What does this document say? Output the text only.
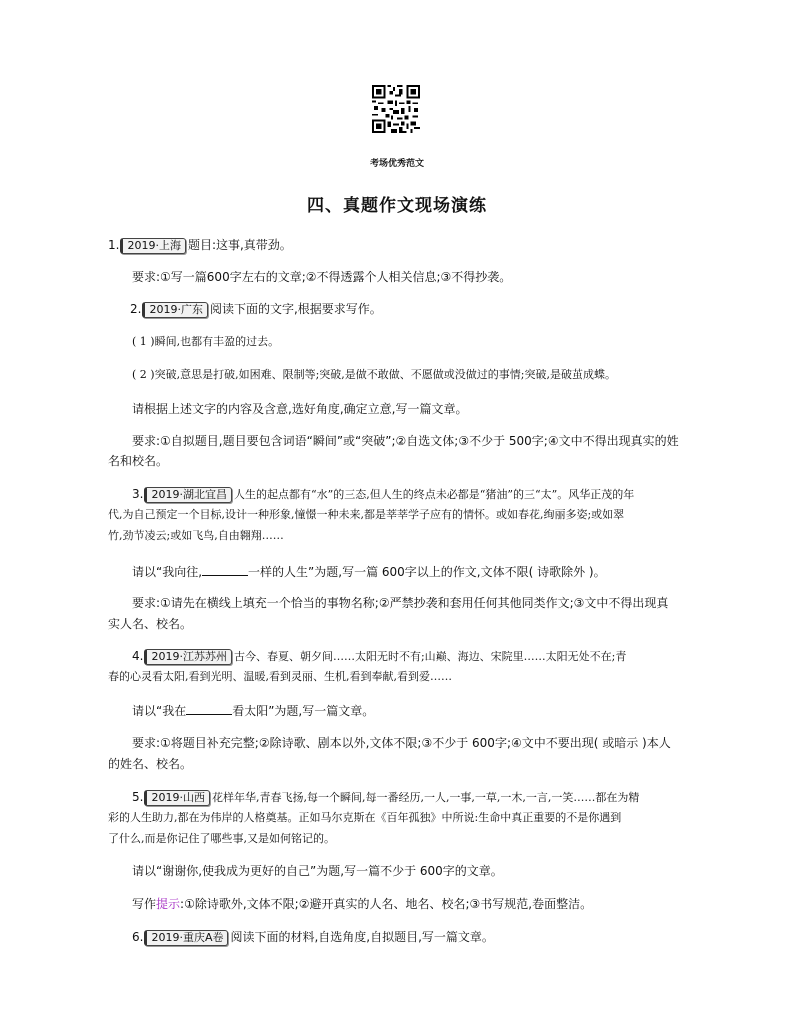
考场优秀范文
四、真题作文现场演练
1. 2019·上海 题目:这事,真带劲。
要求:①写一篇600字左右的文章;②不得透露个人相关信息;③不得抄袭。
2. 2019·广东 阅读下面的文字,根据要求写作。
( 1 )瞬间,也都有丰盈的过去。
( 2 )突破,意思是打破,如困难、限制等;突破,是做不敢做、不愿做或没做过的事情;突破,是破茧成蝶。
请根据上述文字的内容及含意,选好角度,确定立意,写一篇文章。
要求:①自拟题目,题目要包含词语“瞬间”或“突破”;②自选文体;③不少于 500字;④文中不得出现真实的姓
名和校名。
3. 2019·湖北宜昌 人生的起点都有“水”的三态,但人生的终点未必都是“猪油”的三“太”。风华正茂的年
代,为自己预定一个目标,设计一种形象,憧憬一种未来,都是莘莘学子应有的情怀。或如春花,绚丽多姿;或如翠
竹,劲节凌云;或如飞鸟,自由翱翔……
请以“我向往,	一样的人生”为题,写一篇 600字以上的作文,文体不限( 诗歌除外 )。
要求:①请先在横线上填充一个恰当的事物名称;②严禁抄袭和套用任何其他同类作文;③文中不得出现真
实人名、校名。
4. 2019·江苏苏州 古今、春夏、朝夕间……太阳无时不有;山巅、海边、宋院里……太阳无处不在;青
春的心灵看太阳,看到光明、温暖,看到灵丽、生机,看到奉献,看到爱……
请以“我在	看太阳”为题,写一篇文章。
要求:①将题目补充完整;②除诗歌、剧本以外,文体不限;③不少于 600字;④文中不要出现( 或暗示 )本人
的姓名、校名。
5. 2019·山西 花样年华,青春飞扬,每一个瞬间,每一番经历,一人,一事,一草,一木,一言,一笑……都在为精
彩的人生助力,都在为伟岸的人格奠基。正如马尔克斯在《百年孤独》中所说:生命中真正重要的不是你遇到
了什么,而是你记住了哪些事,又是如何铭记的。
请以“谢谢你,使我成为更好的自己”为题,写一篇不少于 600字的文章。
写作提示:①除诗歌外,文体不限;②避开真实的人名、地名、校名;③书写规范,卷面整洁。
6. 2019·重庆A卷 阅读下面的材料,自选角度,自拟题目,写一篇文章。
